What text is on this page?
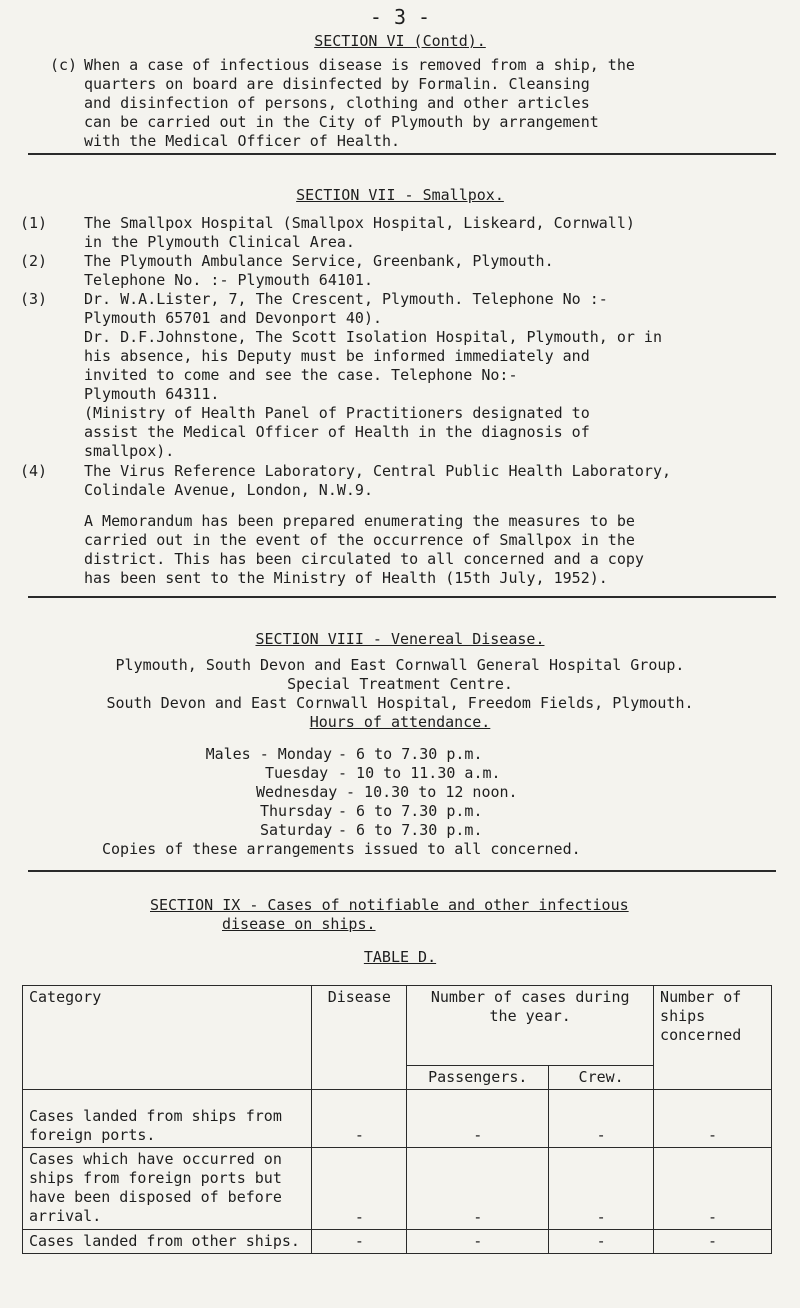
- 3 -
SECTION VI (Contd).
(c) When a case of infectious disease is removed from a ship, the
quarters on board are disinfected by Formalin. Cleansing
and disinfection of persons, clothing and other articles
can be carried out in the City of Plymouth by arrangement
with the Medical Officer of Health.
SECTION VII - Smallpox.
(1) The Smallpox Hospital (Smallpox Hospital, Liskeard, Cornwall)
in the Plymouth Clinical Area.
(2) The Plymouth Ambulance Service, Greenbank, Plymouth.
Telephone No. :- Plymouth 64101.
(3) Dr. W.A.Lister, 7, The Crescent, Plymouth. Telephone No :-
Plymouth 65701 and Devonport 40).
Dr. D.F.Johnstone, The Scott Isolation Hospital, Plymouth, or in
his absence, his Deputy must be informed immediately and
invited to come and see the case. Telephone No:-
Plymouth 64311.
(Ministry of Health Panel of Practitioners designated to
assist the Medical Officer of Health in the diagnosis of
smallpox).
(4) The Virus Reference Laboratory, Central Public Health Laboratory,
Colindale Avenue, London, N.W.9.
A Memorandum has been prepared enumerating the measures to be
carried out in the event of the occurrence of Smallpox in the
district. This has been circulated to all concerned and a copy
has been sent to the Ministry of Health (15th July, 1952).
SECTION VIII - Venereal Disease.
Plymouth, South Devon and East Cornwall General Hospital Group.
Special Treatment Centre.
South Devon and East Cornwall Hospital, Freedom Fields, Plymouth.
Hours of attendance.
Males - Monday - 6 to 7.30 p.m.
Tuesday - 10 to 11.30 a.m.
Wednesday - 10.30 to 12 noon.
Thursday - 6 to 7.30 p.m.
Saturday - 6 to 7.30 p.m.
Copies of these arrangements issued to all concerned.
SECTION IX - Cases of notifiable and other infectious
disease on ships.
TABLE D.
Category	Disease	Number of cases during the year.		Number of ships concerned
		Passengers.	Crew.	
Cases landed from ships from foreign ports.	-	-	-	-
Cases which have occurred on ships from foreign ports but have been disposed of before arrival.	-	-	-	-
Cases landed from other ships.	-	-	-	-
